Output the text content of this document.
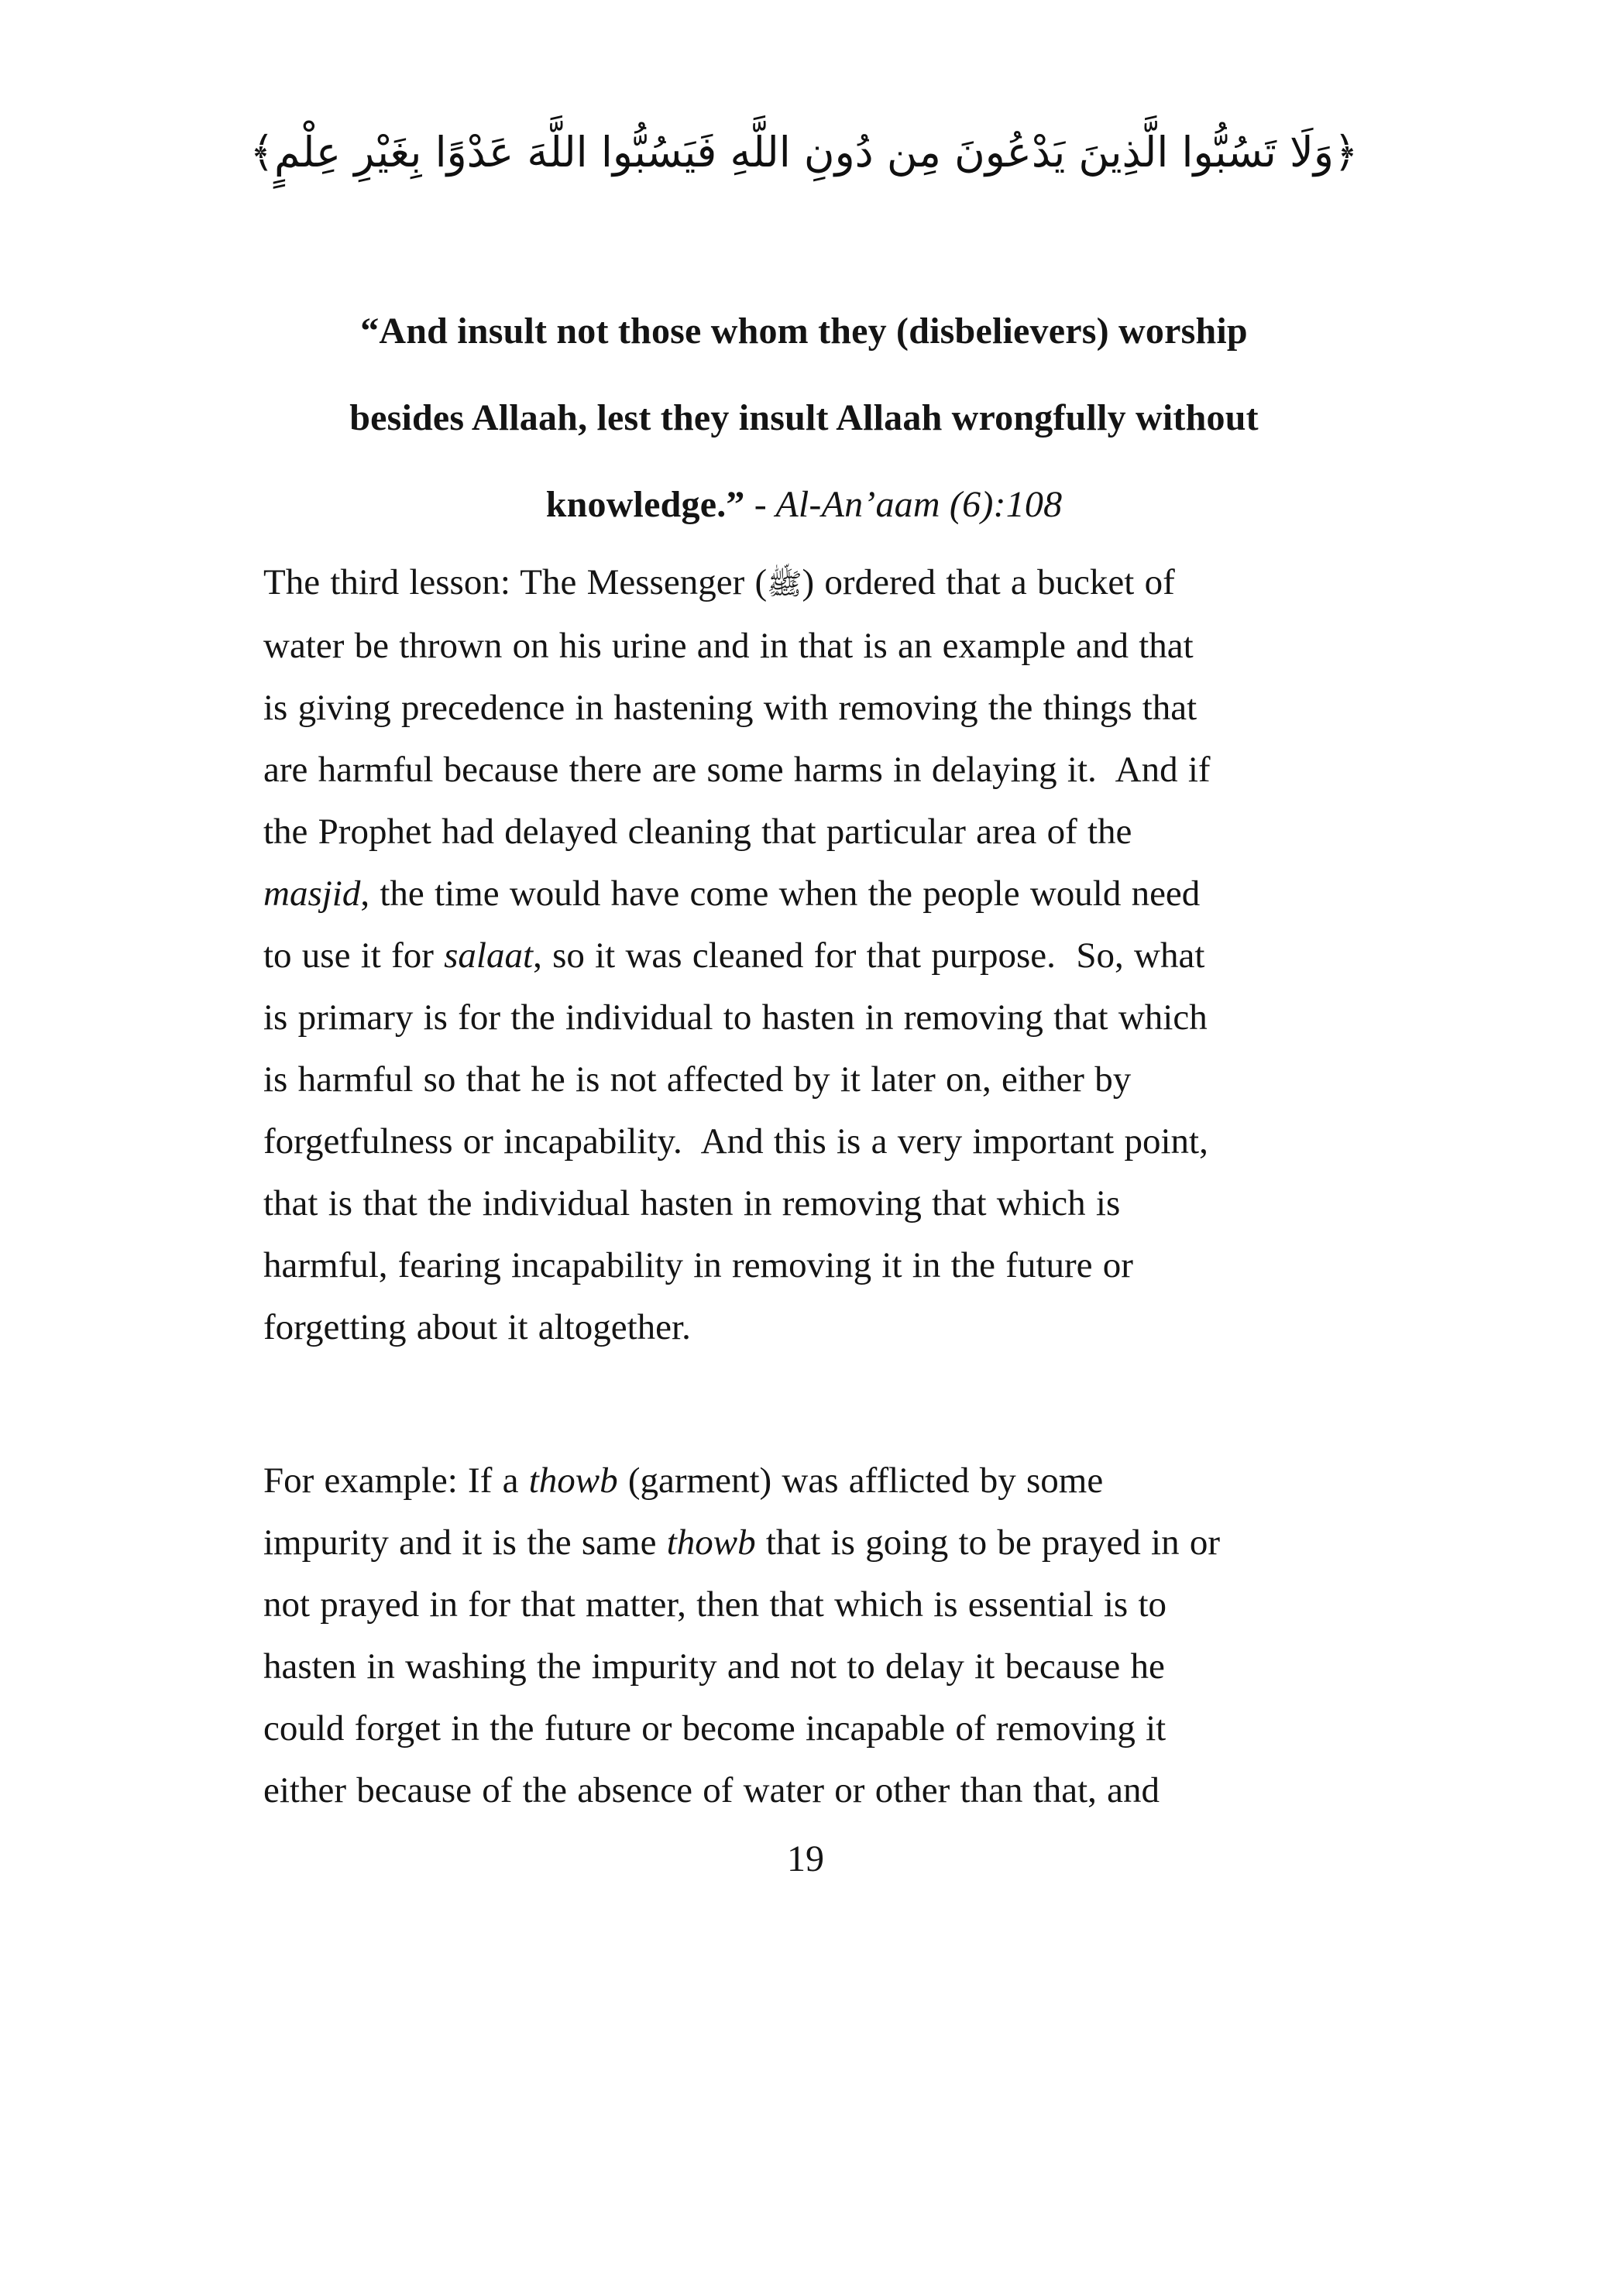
﴿وَلَا تَسُبُّوا الَّذِينَ يَدْعُونَ مِن دُونِ اللَّهِ فَيَسُبُّوا اللَّهَ عَدْوًا بِغَيْرِ عِلْمٍ﴾
“And insult not those whom they (disbelievers) worship
besides Allaah, lest they insult Allaah wrongfully without
knowledge.” - Al-An’aam (6):108
The third lesson: The Messenger (ﷺ) ordered that a bucket of
water be thrown on his urine and in that is an example and that
is giving precedence in hastening with removing the things that
are harmful because there are some harms in delaying it.  And if
the Prophet had delayed cleaning that particular area of the
masjid, the time would have come when the people would need
to use it for salaat, so it was cleaned for that purpose.  So, what
is primary is for the individual to hasten in removing that which
is harmful so that he is not affected by it later on, either by
forgetfulness or incapability.  And this is a very important point,
that is that the individual hasten in removing that which is
harmful, fearing incapability in removing it in the future or
forgetting about it altogether.
For example: If a thowb (garment) was afflicted by some
impurity and it is the same thowb that is going to be prayed in or
not prayed in for that matter, then that which is essential is to
hasten in washing the impurity and not to delay it because he
could forget in the future or become incapable of removing it
either because of the absence of water or other than that, and
19
